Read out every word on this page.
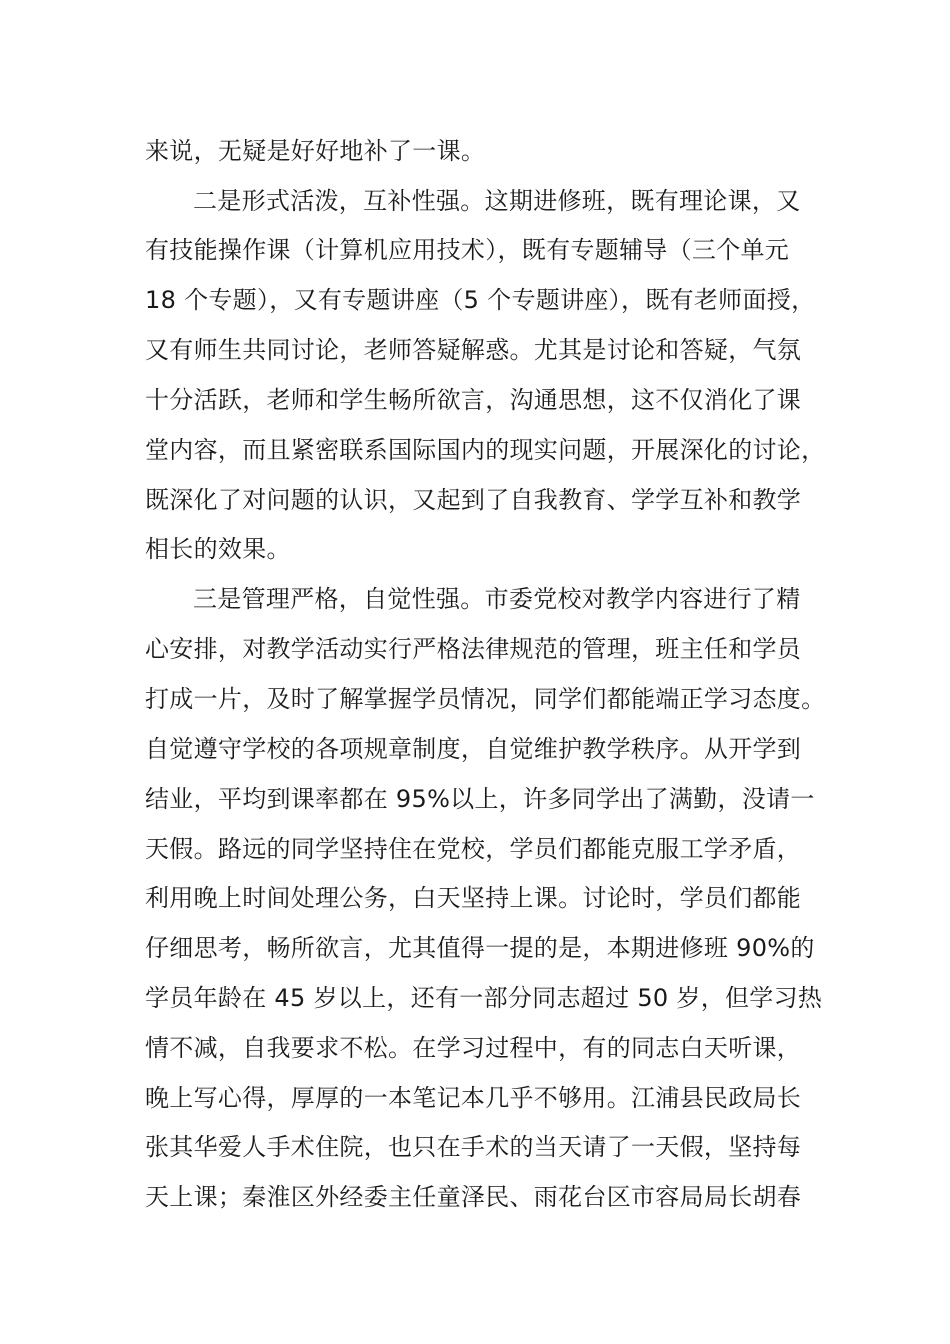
来说，无疑是好好地补了一课。
二是形式活泼，互补性强。这期进修班，既有理论课，又
有技能操作课（计算机应用技术），既有专题辅导（三个单元
18 个专题），又有专题讲座（5 个专题讲座），既有老师面授，
又有师生共同讨论，老师答疑解惑。尤其是讨论和答疑，气氛
十分活跃，老师和学生畅所欲言，沟通思想，这不仅消化了课
堂内容，而且紧密联系国际国内的现实问题，开展深化的讨论，
既深化了对问题的认识，又起到了自我教育、学学互补和教学
相长的效果。
三是管理严格，自觉性强。市委党校对教学内容进行了精
心安排，对教学活动实行严格法律规范的管理，班主任和学员
打成一片，及时了解掌握学员情况，同学们都能端正学习态度。
自觉遵守学校的各项规章制度，自觉维护教学秩序。从开学到
结业，平均到课率都在 95%以上，许多同学出了满勤，没请一
天假。路远的同学坚持住在党校，学员们都能克服工学矛盾，
利用晚上时间处理公务，白天坚持上课。讨论时，学员们都能
仔细思考，畅所欲言，尤其值得一提的是，本期进修班 90%的
学员年龄在 45 岁以上，还有一部分同志超过 50 岁，但学习热
情不减，自我要求不松。在学习过程中，有的同志白天听课，
晚上写心得，厚厚的一本笔记本几乎不够用。江浦县民政局长
张其华爱人手术住院，也只在手术的当天请了一天假，坚持每
天上课；秦淮区外经委主任童泽民、雨花台区市容局局长胡春
